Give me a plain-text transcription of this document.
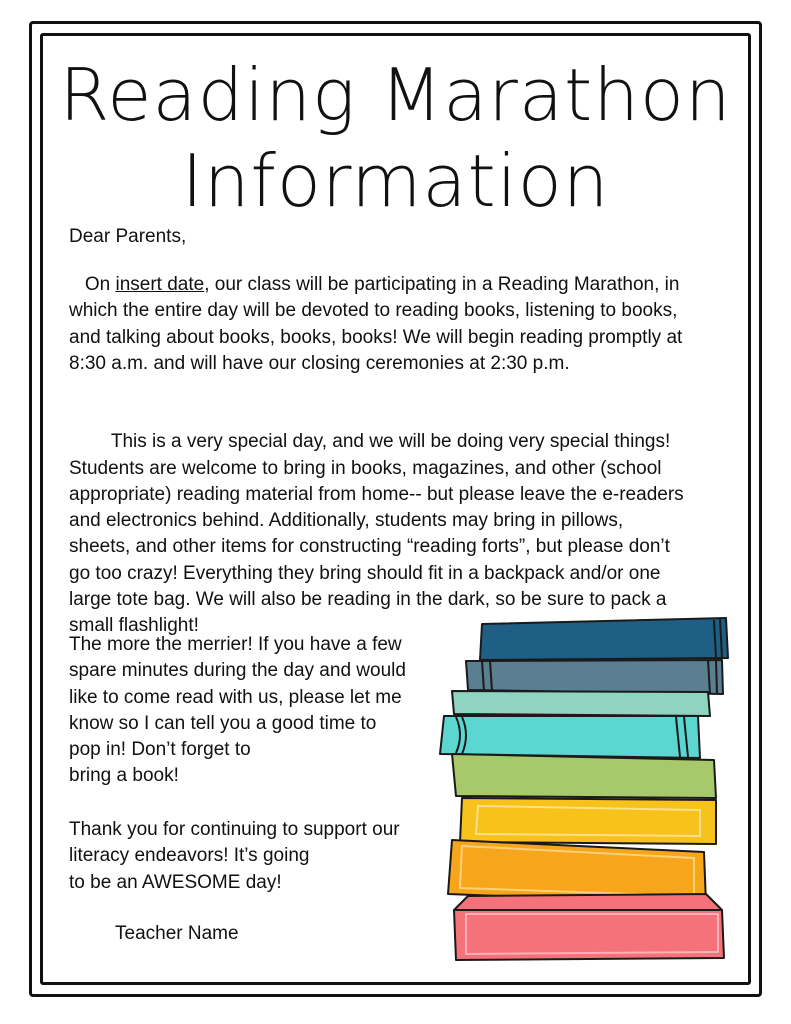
Reading Marathon
Information
Dear Parents,
On insert date, our class will be participating in a Reading Marathon, in
which the entire day will be devoted to reading books, listening to books,
and talking about books, books, books! We will begin reading promptly at
8:30 a.m. and will have our closing ceremonies at 2:30 p.m.

This is a very special day, and we will be doing very special things!
Students are welcome to bring in books, magazines, and other (school
appropriate) reading material from home-- but please leave the e-readers
and electronics behind. Additionally, students may bring in pillows,
sheets, and other items for constructing “reading forts”, but please don’t
go too crazy! Everything they bring should fit in a backpack and/or one
large tote bag. We will also be reading in the dark, so be sure to pack a
small flashlight!

The more the merrier! If you have a few
spare minutes during the day and would
like to come read with us, please let me
know so I can tell you a good time to
pop in! Don’t forget to
bring a book!
Thank you for continuing to support our
literacy endeavors! It’s going
to be an AWESOME day!
Teacher Name
